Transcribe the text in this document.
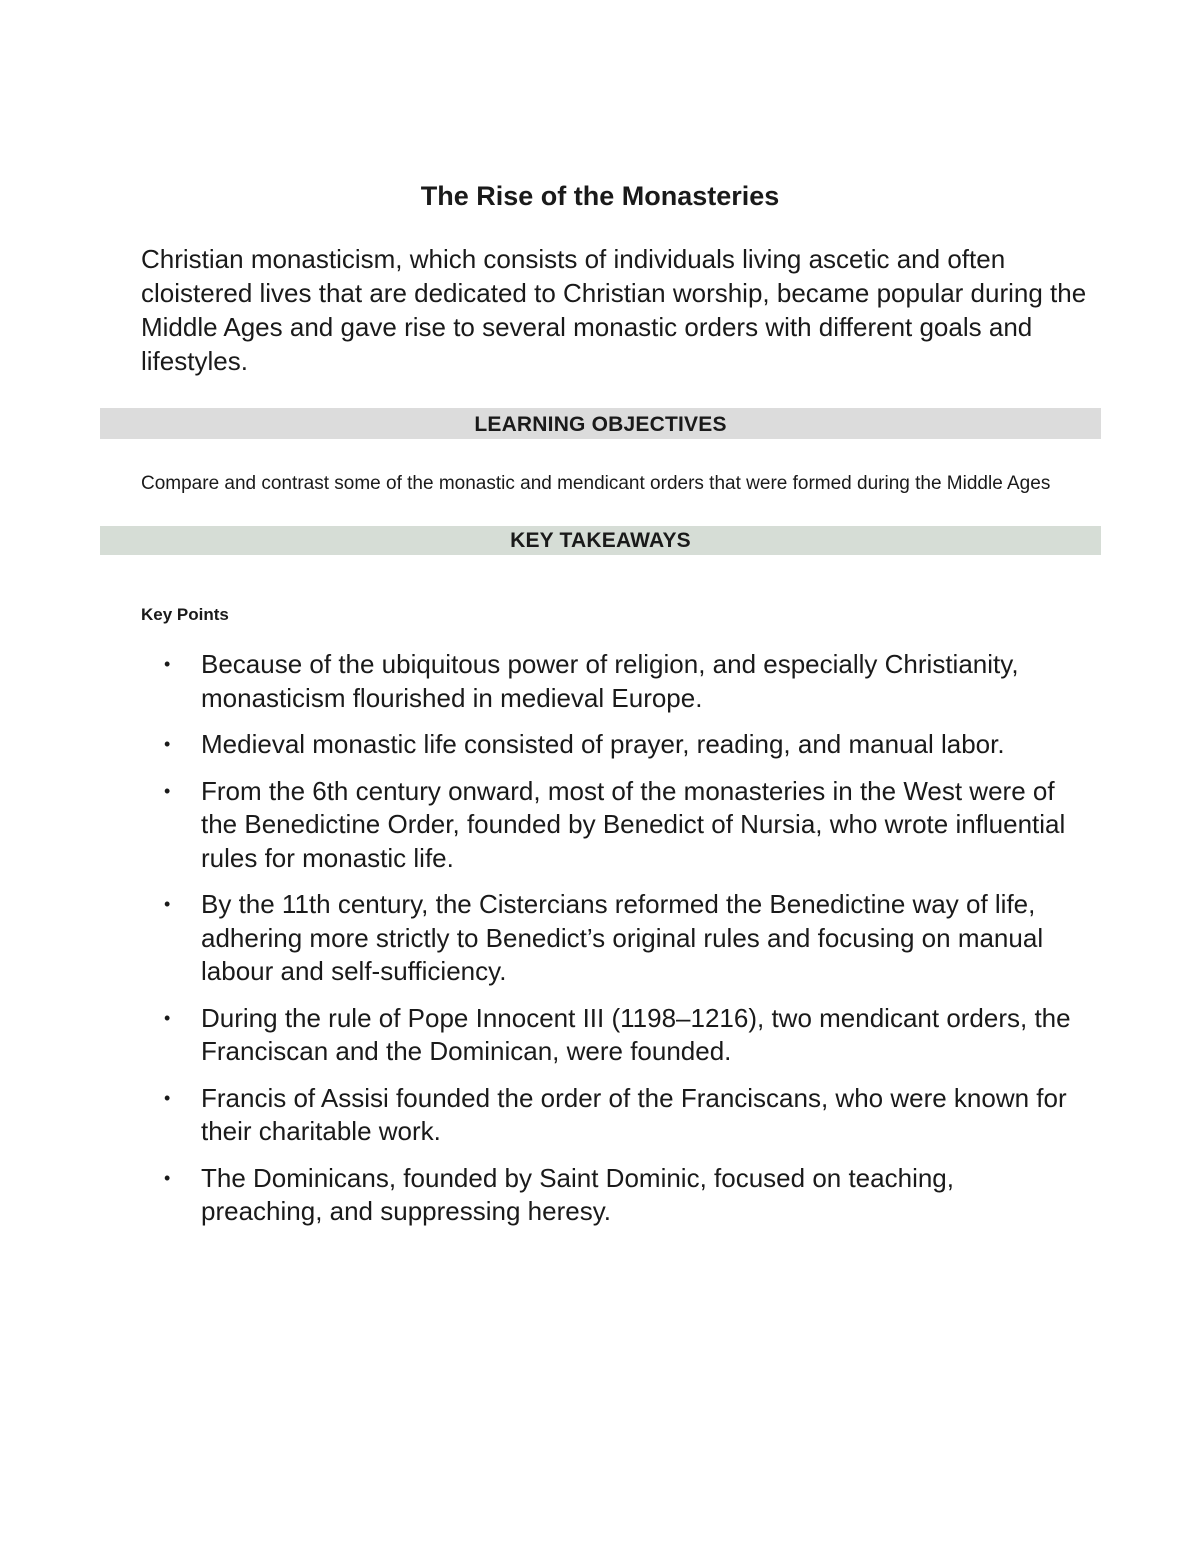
The Rise of the Monasteries

Christian monasticism, which consists of individuals living ascetic and often cloistered lives that are dedicated to Christian worship, became popular during the Middle Ages and gave rise to several monastic orders with different goals and lifestyles.

LEARNING OBJECTIVES

Compare and contrast some of the monastic and mendicant orders that were formed during the Middle Ages

KEY TAKEAWAYS

Key Points

• Because of the ubiquitous power of religion, and especially Christianity, monasticism flourished in medieval Europe.
• Medieval monastic life consisted of prayer, reading, and manual labor.
• From the 6th century onward, most of the monasteries in the West were of the Benedictine Order, founded by Benedict of Nursia, who wrote influential rules for monastic life.
• By the 11th century, the Cistercians reformed the Benedictine way of life, adhering more strictly to Benedict’s original rules and focusing on manual labour and self-sufficiency.
• During the rule of Pope Innocent III (1198–1216), two mendicant orders, the Franciscan and the Dominican, were founded.
• Francis of Assisi founded the order of the Franciscans, who were known for their charitable work.
• The Dominicans, founded by Saint Dominic, focused on teaching, preaching, and suppressing heresy.
